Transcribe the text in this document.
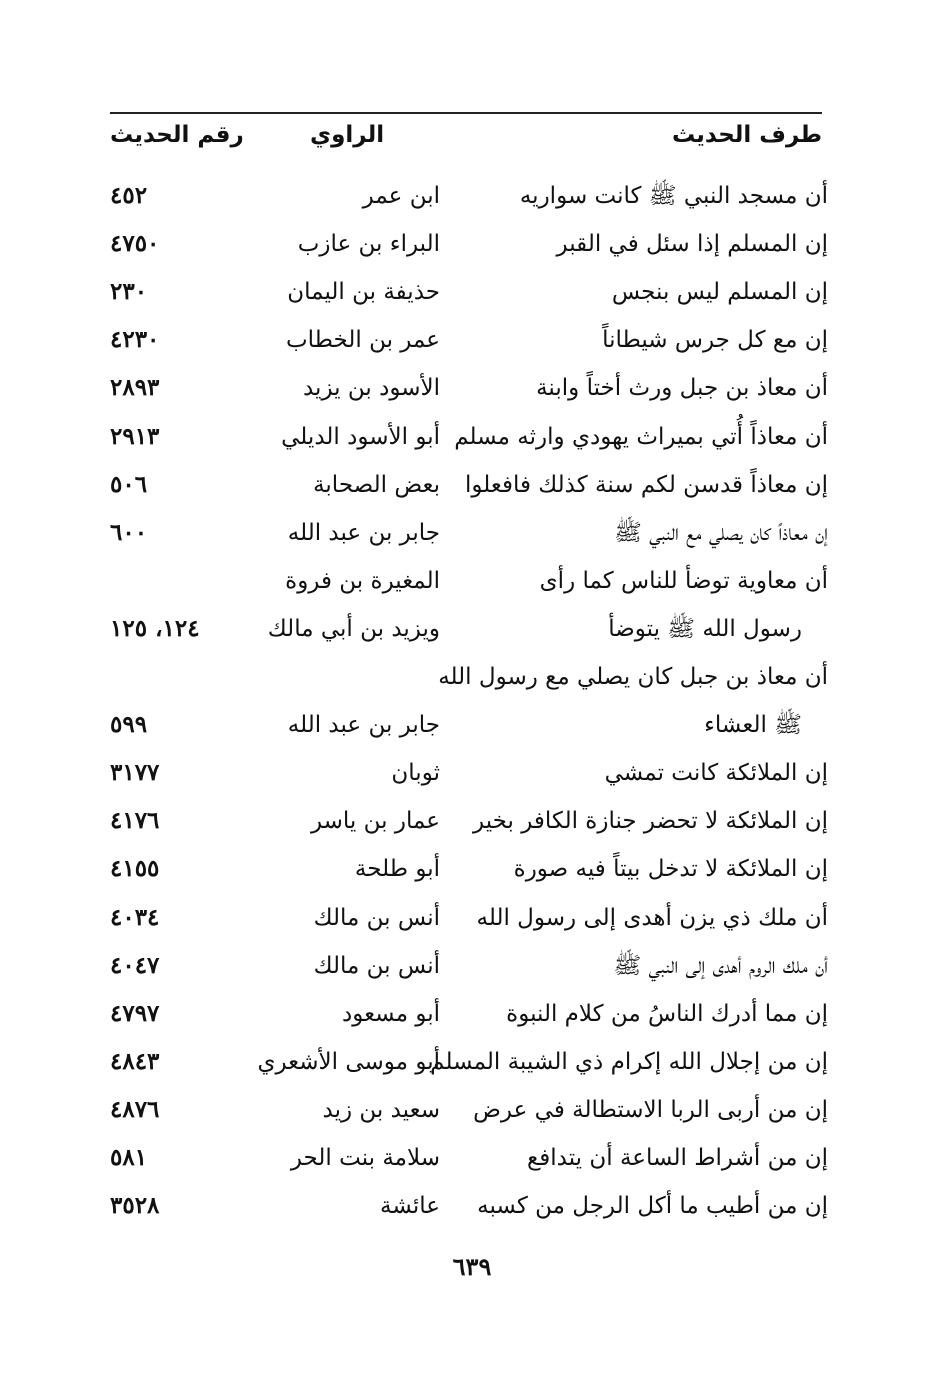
طرف الحديث
الراوي
رقم الحديث
أن مسجد النبي ﷺ كانت سواريه
ابن عمر
٤٥٢
إن المسلم إذا سئل في القبر
البراء بن عازب
٤٧٥٠
إن المسلم ليس بنجس
حذيفة بن اليمان
٢٣٠
إن مع كل جرس شيطاناً
عمر بن الخطاب
٤٢٣٠
أن معاذ بن جبل ورث أختاً وابنة
الأسود بن يزيد
٢٨٩٣
أن معاذاً أُتي بميراث يهودي وارثه مسلم
أبو الأسود الديلي
٢٩١٣
إن معاذاً قدسن لكم سنة كذلك فافعلوا
بعض الصحابة
٥٠٦
إن معاذاً كان يصلي مع النبي ﷺ
جابر بن عبد الله
٦٠٠
أن معاوية توضأ للناس كما رأى
المغيرة بن فروة
رسول الله ﷺ يتوضأ
ويزيد بن أبي مالك
١٢٤، ١٢٥
أن معاذ بن جبل كان يصلي مع رسول الله
ﷺ العشاء
جابر بن عبد الله
٥٩٩
إن الملائكة كانت تمشي
ثوبان
٣١٧٧
إن الملائكة لا تحضر جنازة الكافر بخير
عمار بن ياسر
٤١٧٦
إن الملائكة لا تدخل بيتاً فيه صورة
أبو طلحة
٤١٥٥
أن ملك ذي يزن أهدى إلى رسول الله
أنس بن مالك
٤٠٣٤
أن ملك الروم أهدى إلى النبي ﷺ
أنس بن مالك
٤٠٤٧
إن مما أدرك الناسُ من كلام النبوة
أبو مسعود
٤٧٩٧
إن من إجلال الله إكرام ذي الشيبة المسلم
أبو موسى الأشعري
٤٨٤٣
إن من أربى الربا الاستطالة في عرض
سعيد بن زيد
٤٨٧٦
إن من أشراط الساعة أن يتدافع
سلامة بنت الحر
٥٨١
إن من أطيب ما أكل الرجل من كسبه
عائشة
٣٥٢٨
٦٣٩
